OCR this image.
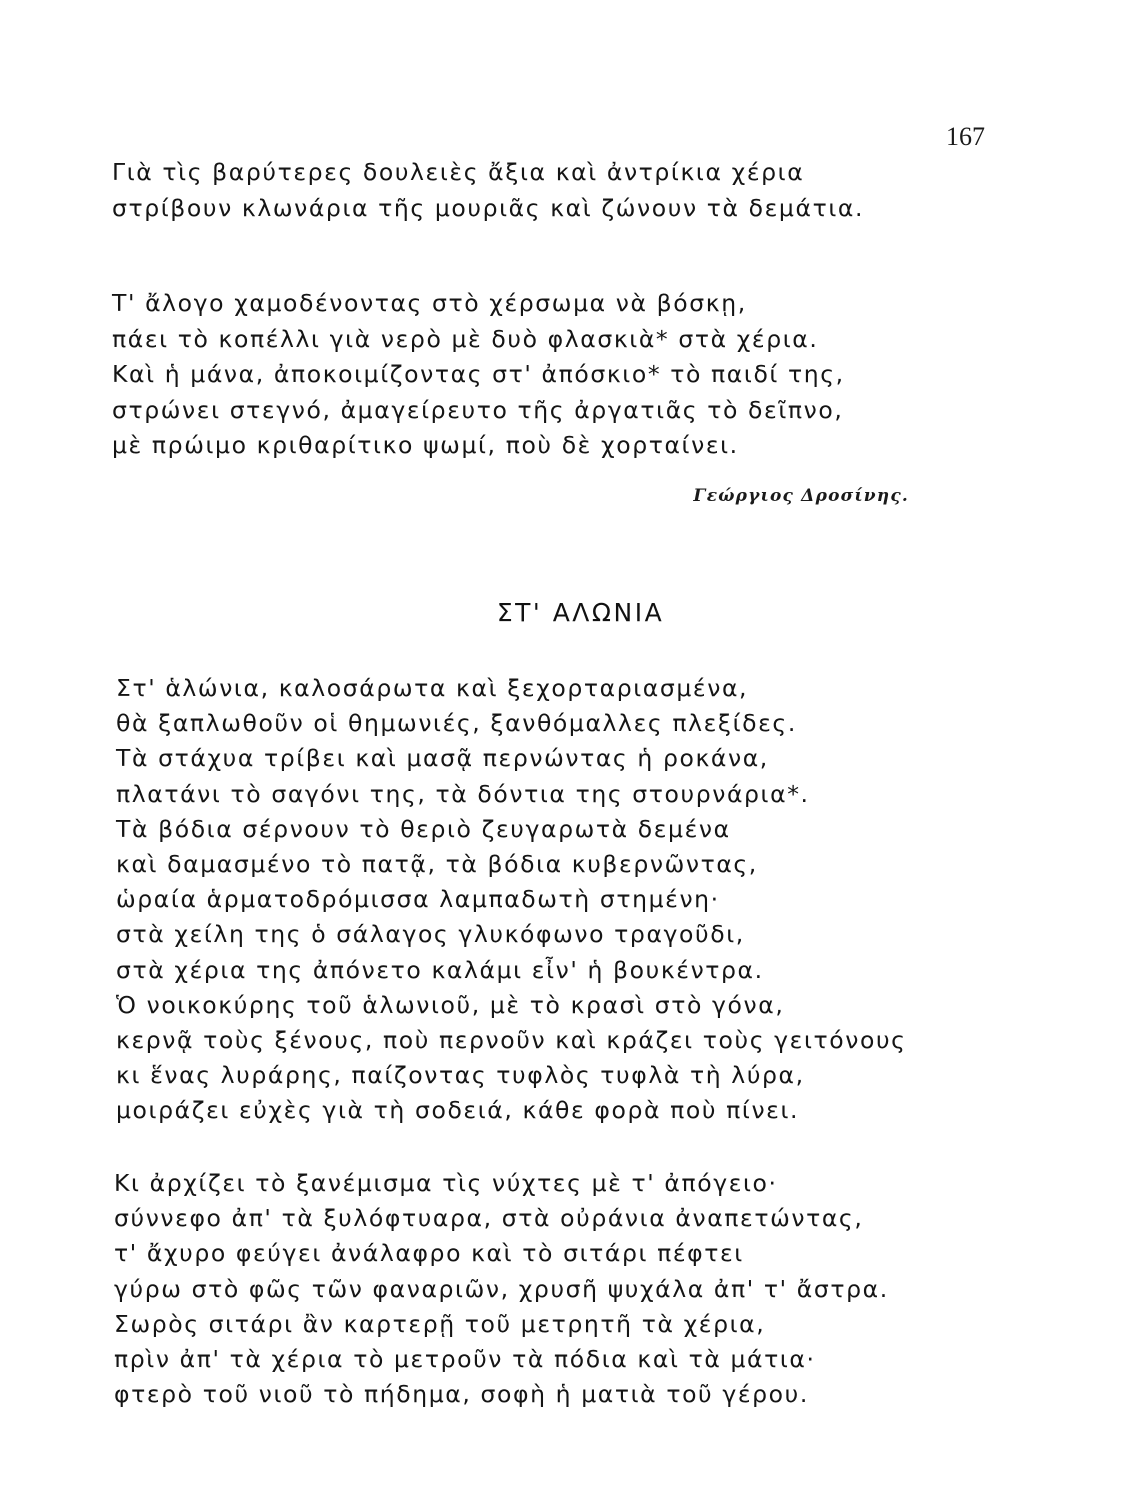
167
Γιὰ τὶς βαρύτερες δουλειὲς ἄξια καὶ ἀντρίκια χέρια
στρίβουν κλωνάρια τῆς μουριᾶς καὶ ζώνουν τὰ δεμάτια.
Τ' ἄλογο χαμοδένοντας στὸ χέρσωμα νὰ βόσκῃ,
πάει τὸ κοπέλλι γιὰ νερὸ μὲ δυὸ φλασκιὰ* στὰ χέρια.
Καὶ ἡ μάνα, ἀποκοιμίζοντας στ' ἀπόσκιο* τὸ παιδί της,
στρώνει στεγνό, ἀμαγείρευτο τῆς ἀργατιᾶς τὸ δεῖπνο,
μὲ πρώιμο κριθαρίτικο ψωμί, ποὺ δὲ χορταίνει.
Γεώργιος Δροσίνης.
ΣΤ' ΑΛΩΝΙΑ
Στ' ἁλώνια, καλοσάρωτα καὶ ξεχορταριασμένα,
θὰ ξαπλωθοῦν οἱ θημωνιές, ξανθόμαλλες πλεξίδες.
Τὰ στάχυα τρίβει καὶ μασᾷ περνώντας ἡ ροκάνα,
πλατάνι τὸ σαγόνι της, τὰ δόντια της στουρνάρια*.
Τὰ βόδια σέρνουν τὸ θεριὸ ζευγαρωτὰ δεμένα
καὶ δαμασμένο τὸ πατᾷ, τὰ βόδια κυβερνῶντας,
ὡραία ἁρματοδρόμισσα λαμπαδωτὴ στημένη·
στὰ χείλη της ὁ σάλαγος γλυκόφωνο τραγοῦδι,
στὰ χέρια της ἀπόνετο καλάμι εἶν' ἡ βουκέντρα.
Ὁ νοικοκύρης τοῦ ἁλωνιοῦ, μὲ τὸ κρασὶ στὸ γόνα,
κερνᾷ τοὺς ξένους, ποὺ περνοῦν καὶ κράζει τοὺς γειτόνους
κι ἕνας λυράρης, παίζοντας τυφλὸς τυφλὰ τὴ λύρα,
μοιράζει εὐχὲς γιὰ τὴ σοδειά, κάθε φορὰ ποὺ πίνει.
Κι ἀρχίζει τὸ ξανέμισμα τὶς νύχτες μὲ τ' ἀπόγειο·
σύννεφο ἀπ' τὰ ξυλόφτυαρα, στὰ οὐράνια ἀναπετώντας,
τ' ἄχυρο φεύγει ἀνάλαφρο καὶ τὸ σιτάρι πέφτει
γύρω στὸ φῶς τῶν φαναριῶν, χρυσῆ ψυχάλα ἀπ' τ' ἄστρα.
Σωρὸς σιτάρι ἂν καρτερῇ τοῦ μετρητῆ τὰ χέρια,
πρὶν ἀπ' τὰ χέρια τὸ μετροῦν τὰ πόδια καὶ τὰ μάτια·
φτερὸ τοῦ νιοῦ τὸ πήδημα, σοφὴ ἡ ματιὰ τοῦ γέρου.
